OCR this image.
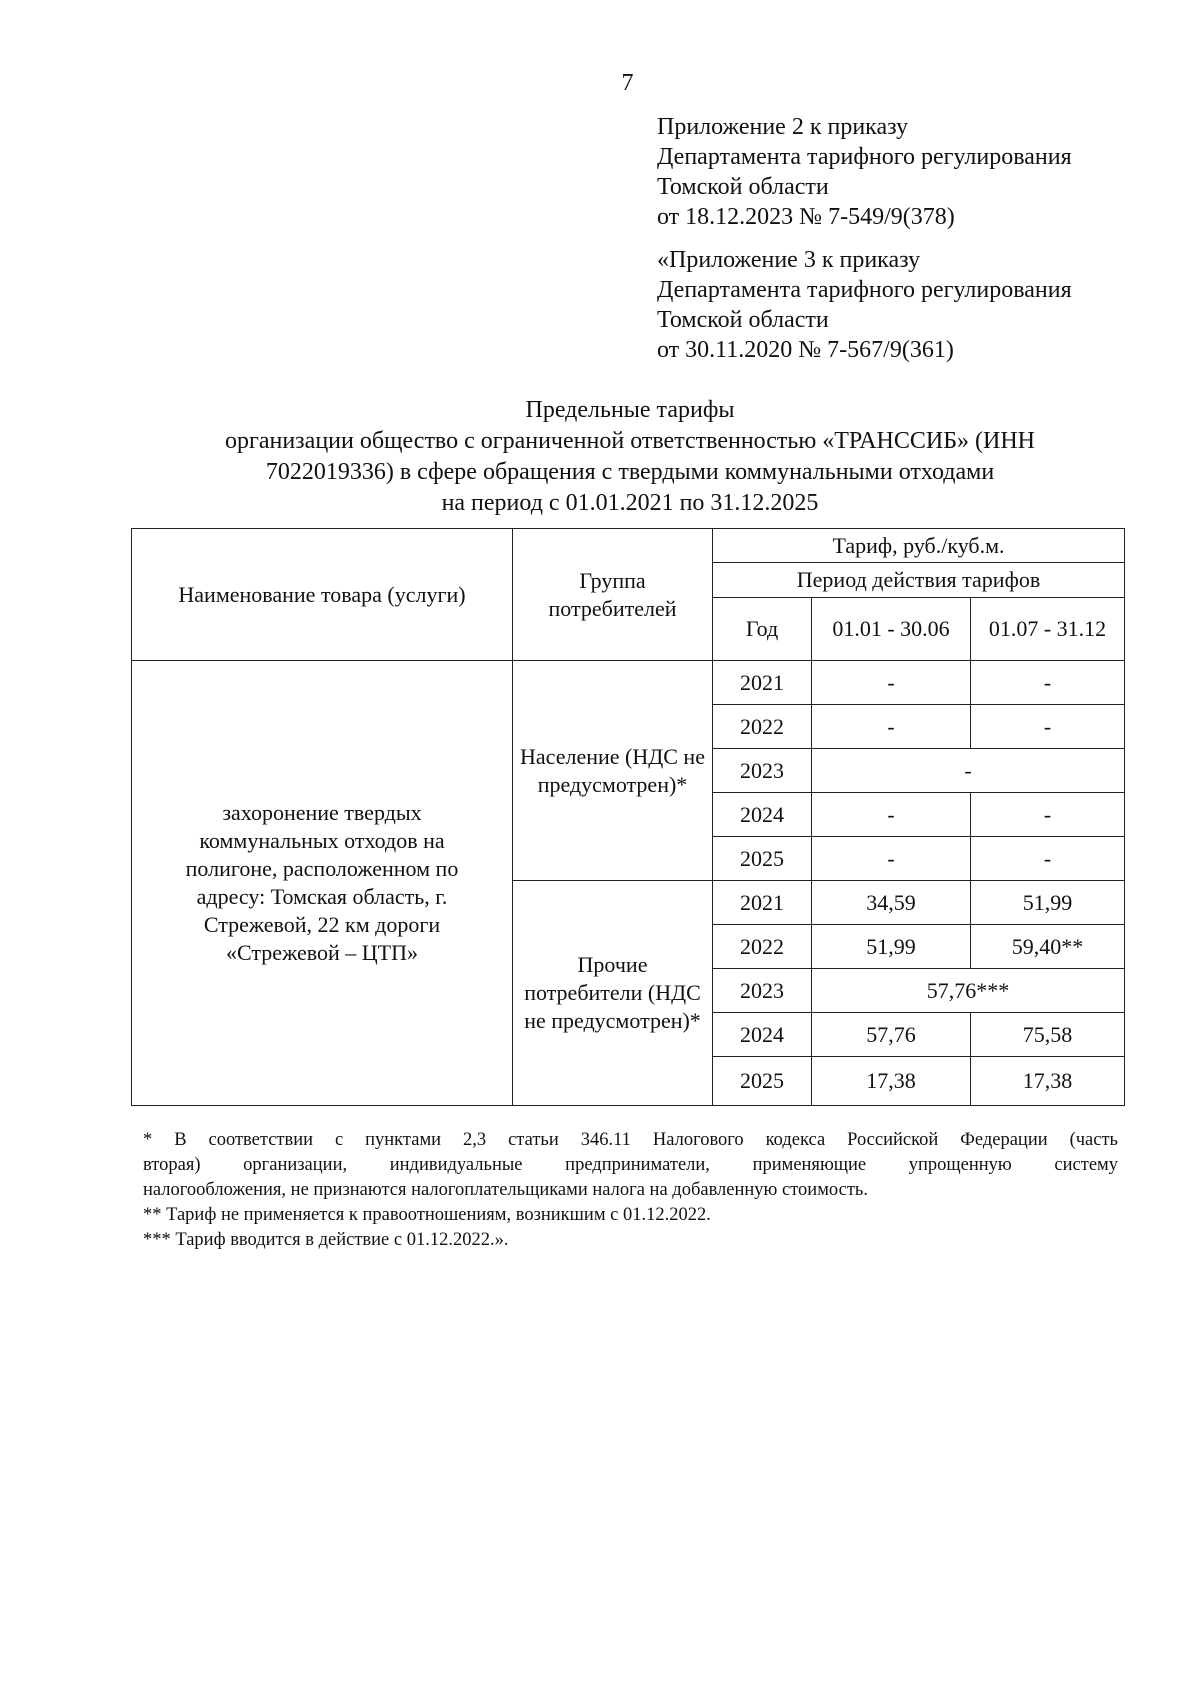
7
Приложение 2 к приказу
Департамента тарифного регулирования
Томской области
от 18.12.2023 № 7-549/9(378)
«Приложение 3 к приказу
Департамента тарифного регулирования
Томской области
от 30.11.2020 № 7-567/9(361)
Предельные тарифы
организации общество с ограниченной ответственностью «ТРАНССИБ» (ИНН
7022019336) в сфере обращения с твердыми коммунальными отходами
на период с 01.01.2021 по 31.12.2025
Наименование товара (услуги)	Группа потребителей	Тариф, руб./куб.м.		
		Период действия тарифов		
		Год	01.01 - 30.06	01.07 - 31.12
захоронение твердых коммунальных отходов на полигоне, расположенном по адресу: Томская область, г. Стрежевой, 22 км дороги «Стрежевой – ЦТП»	Население (НДС не предусмотрен)*	2021	-	-
		2022	-	-
		2023	-	
		2024	-	-
		2025	-	-
	Прочие потребители (НДС не предусмотрен)*	2021	34,59	51,99
		2022	51,99	59,40**
		2023	57,76***	
		2024	57,76	75,58
		2025	17,38	17,38

* В соответствии с пунктами 2,3 статьи 346.11 Налогового кодекса Российской Федерации (часть

вторая) организации, индивидуальные предприниматели, применяющие упрощенную систему

налогообложения, не признаются налогоплательщиками налога на добавленную стоимость.

** Тариф не применяется к правоотношениям, возникшим с 01.12.2022.

*** Тариф вводится в действие с 01.12.2022.».
